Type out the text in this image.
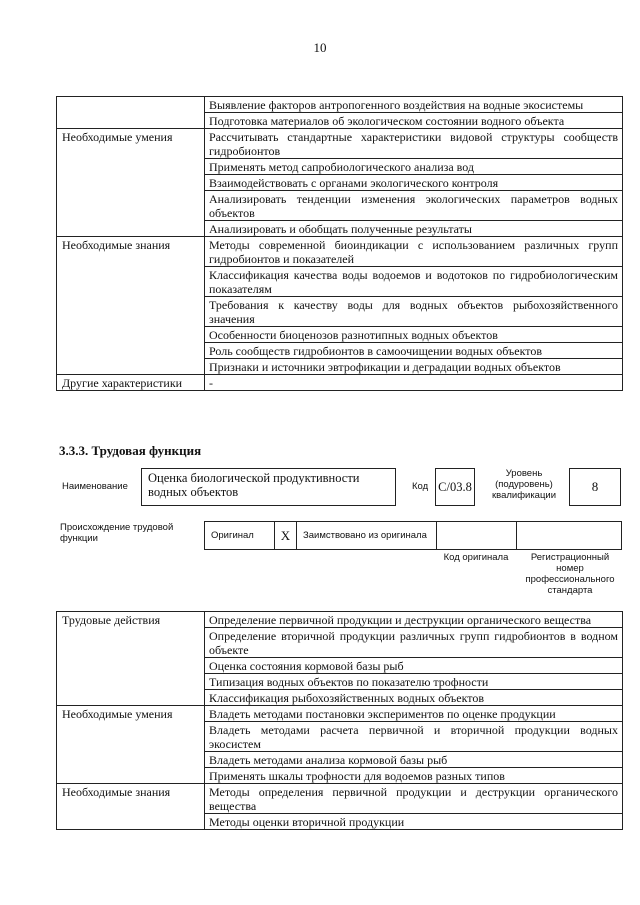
10
	Выявление факторов антропогенного воздействия на водные экосистемы
	Подготовка материалов об экологическом состоянии водного объекта
Необходимые умения	Рассчитывать стандартные характеристики видовой структуры сообществ гидробионтов
	Применять метод сапробиологического анализа вод
	Взаимодействовать с органами экологического контроля
	Анализировать тенденции изменения экологических параметров водных объектов
	Анализировать и обобщать полученные результаты
Необходимые знания	Методы современной биоиндикации с использованием различных групп гидробионтов и показателей
	Классификация качества воды водоемов и водотоков по гидробиологическим показателям
	Требования к качеству воды для водных объектов рыбохозяйственного значения
	Особенности биоценозов разнотипных водных объектов
	Роль сообществ гидробионтов в самоочищении водных объектов
	Признаки и источники эвтрофикации и деградации водных объектов
Другие характеристики	-
3.3.3. Трудовая функция
Наименование
Оценка биологической продуктивности водных объектов	Код C/03.8
Уровень (подуровень) квалификации
8
Происхождение трудовой функции	Оригинал	X	Заимствовано из оригинала
Код оригинала	Регистрационный номер профессионального стандарта
Трудовые действия	Определение первичной продукции и деструкции органического вещества
	Определение вторичной продукции различных групп гидробионтов в водном объекте
	Оценка состояния кормовой базы рыб
	Типизация водных объектов по показателю трофности
	Классификация рыбохозяйственных водных объектов
Необходимые умения	Владеть методами постановки экспериментов по оценке продукции
	Владеть методами расчета первичной и вторичной продукции водных экосистем
	Владеть методами анализа кормовой базы рыб
	Применять шкалы трофности для водоемов разных типов
Необходимые знания	Методы определения первичной продукции и деструкции органического вещества
	Методы оценки вторичной продукции
